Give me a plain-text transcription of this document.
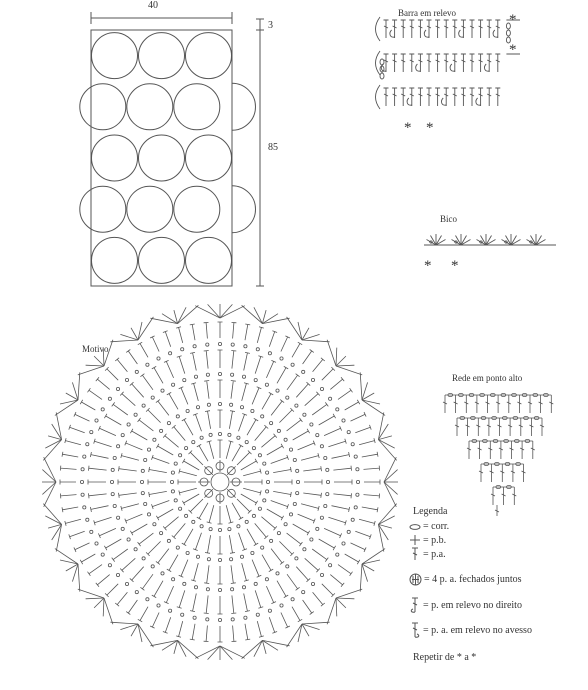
40
3
85
Barra em relevo	*
*
* *
Bico
* *
Motivo
Rede em ponto alto
Legenda
= corr.
= p.b.
= p.a.
= 4 p. a. fechados juntos
= p. em relevo no direito
= p. a. em relevo no avesso
Repetir de * a *
